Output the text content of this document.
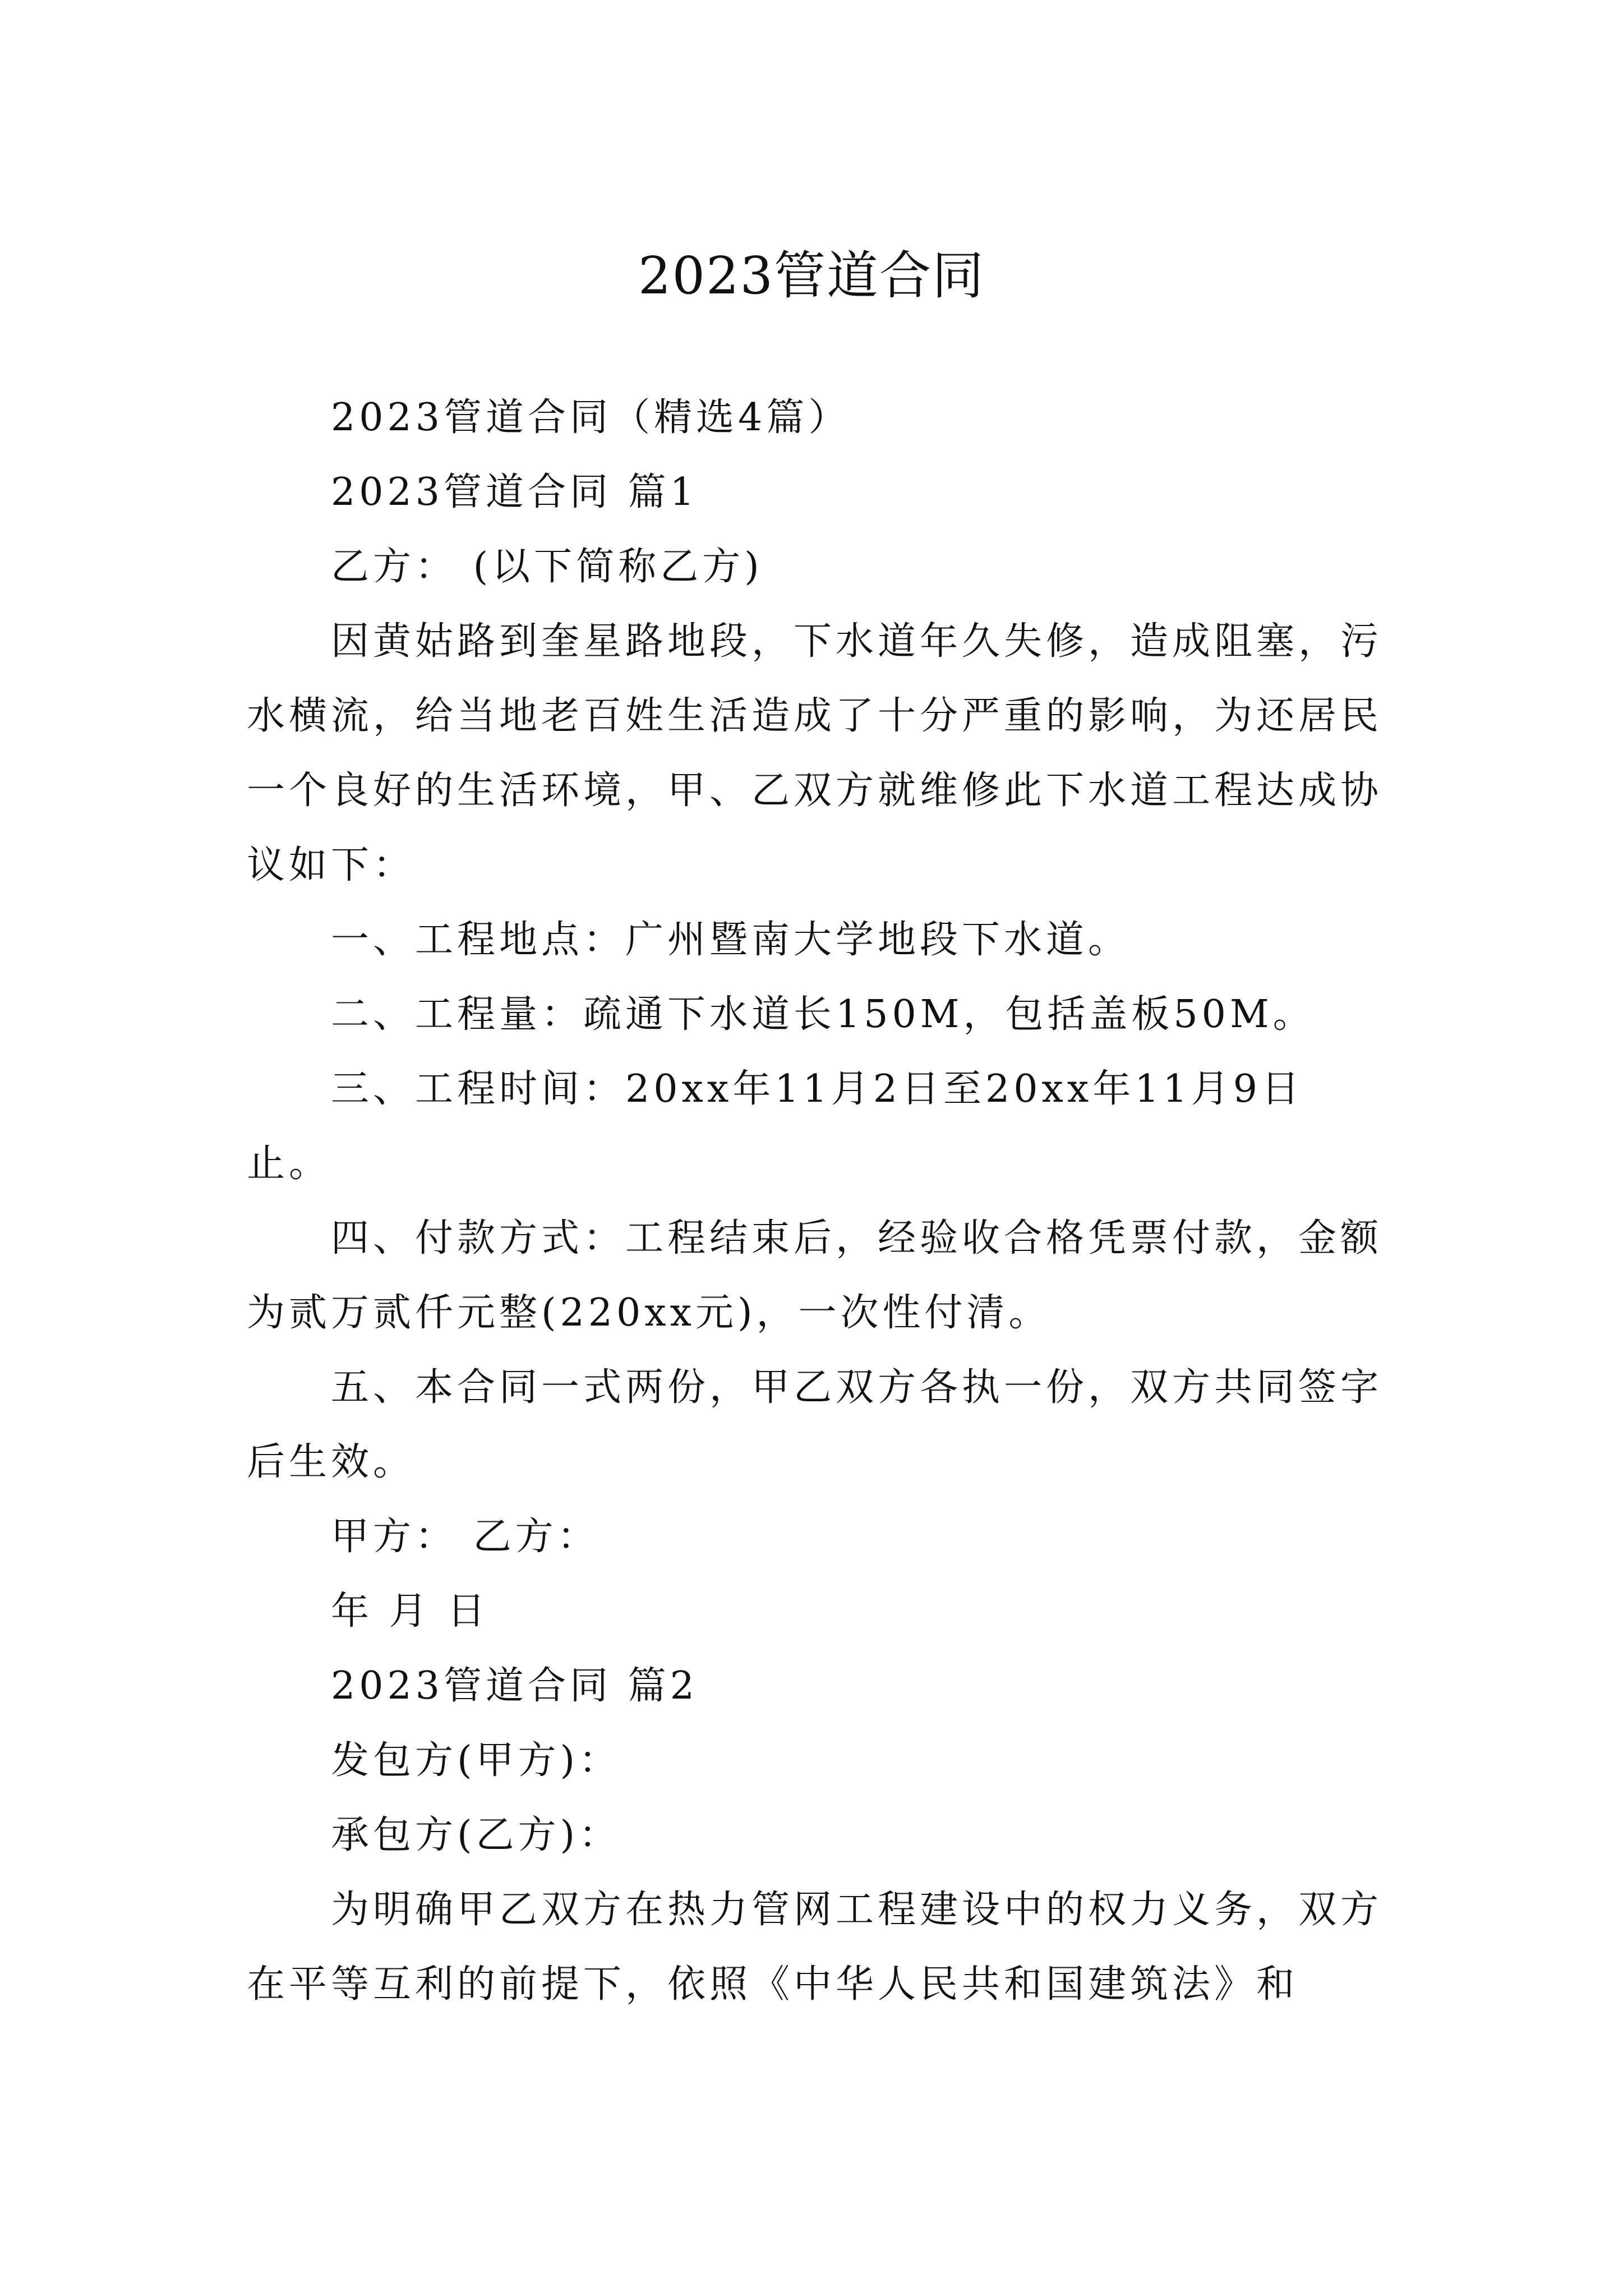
2023管道合同

2023管道合同（精选4篇）

2023管道合同 篇1

乙方： (以下简称乙方)

因黄姑路到奎星路地段，下水道年久失修，造成阻塞，污水横流，给当地老百姓生活造成了十分严重的影响，为还居民一个良好的生活环境，甲、乙双方就维修此下水道工程达成协议如下：

一、工程地点：广州暨南大学地段下水道。

二、工程量：疏通下水道长150M，包括盖板50M。

三、工程时间：20xx年11月2日至20xx年11月9日止。

四、付款方式：工程结束后，经验收合格凭票付款，金额为贰万贰仟元整(220xx元)，一次性付清。

五、本合同一式两份，甲乙双方各执一份，双方共同签字后生效。

甲方： 乙方：

年 月 日

2023管道合同 篇2

发包方(甲方)：

承包方(乙方)：

为明确甲乙双方在热力管网工程建设中的权力义务，双方在平等互利的前提下，依照《中华人民共和国建筑法》和
